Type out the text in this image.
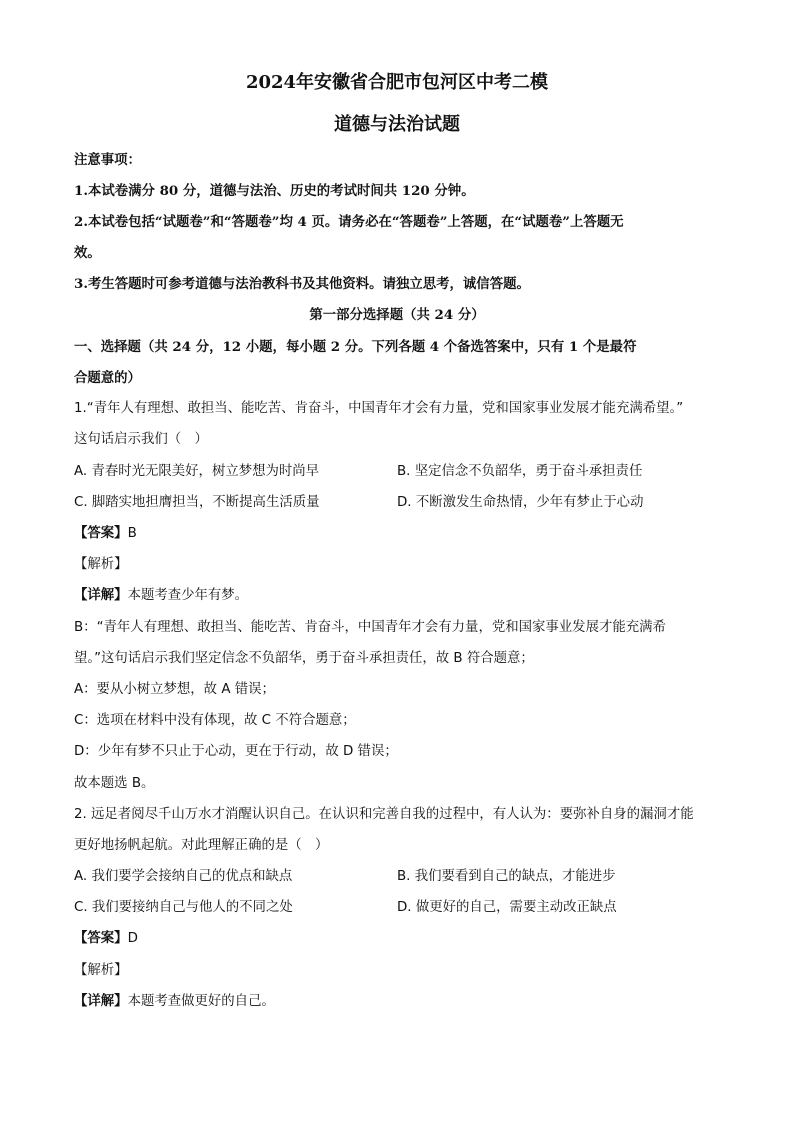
2024年安徽省合肥市包河区中考二模
道德与法治试题
注意事项：
1.本试卷满分 80 分，道德与法治、历史的考试时间共 120 分钟。
2.本试卷包括“试题卷”和“答题卷”均 4 页。请务必在“答题卷”上答题，在“试题卷”上答题无
效。
3.考生答题时可参考道德与法治教科书及其他资料。请独立思考，诚信答题。
第一部分选择题（共 24 分）
一、选择题（共 24 分，12 小题，每小题 2 分。下列各题 4 个备选答案中，只有 1 个是最符
合题意的）
1.“青年人有理想、敢担当、能吃苦、肯奋斗，中国青年才会有力量，党和国家事业发展才能充满希望。”
这句话启示我们（　）
A. 青春时光无限美好，树立梦想为时尚早	B. 坚定信念不负韶华，勇于奋斗承担责任
C. 脚踏实地担膺担当，不断提高生活质量	D. 不断激发生命热情，少年有梦止于心动
【答案】B
【解析】
【详解】本题考查少年有梦。
B：“青年人有理想、敢担当、能吃苦、肯奋斗，中国青年才会有力量，党和国家事业发展才能充满希
望。”这句话启示我们坚定信念不负韶华，勇于奋斗承担责任，故 B 符合题意；
A：要从小树立梦想，故 A 错误；
C：选项在材料中没有体现，故 C 不符合题意；
D：少年有梦不只止于心动，更在于行动，故 D 错误；
故本题选 B。
2. 远足者阅尽千山万水才消醒认识自己。在认识和完善自我的过程中，有人认为：要弥补自身的漏洞才能
更好地扬帆起航。对此理解正确的是（　）
A. 我们要学会接纳自己的优点和缺点	B. 我们要看到自己的缺点，才能进步
C. 我们要接纳自己与他人的不同之处	D. 做更好的自己，需要主动改正缺点
【答案】D
【解析】
【详解】本题考查做更好的自己。
